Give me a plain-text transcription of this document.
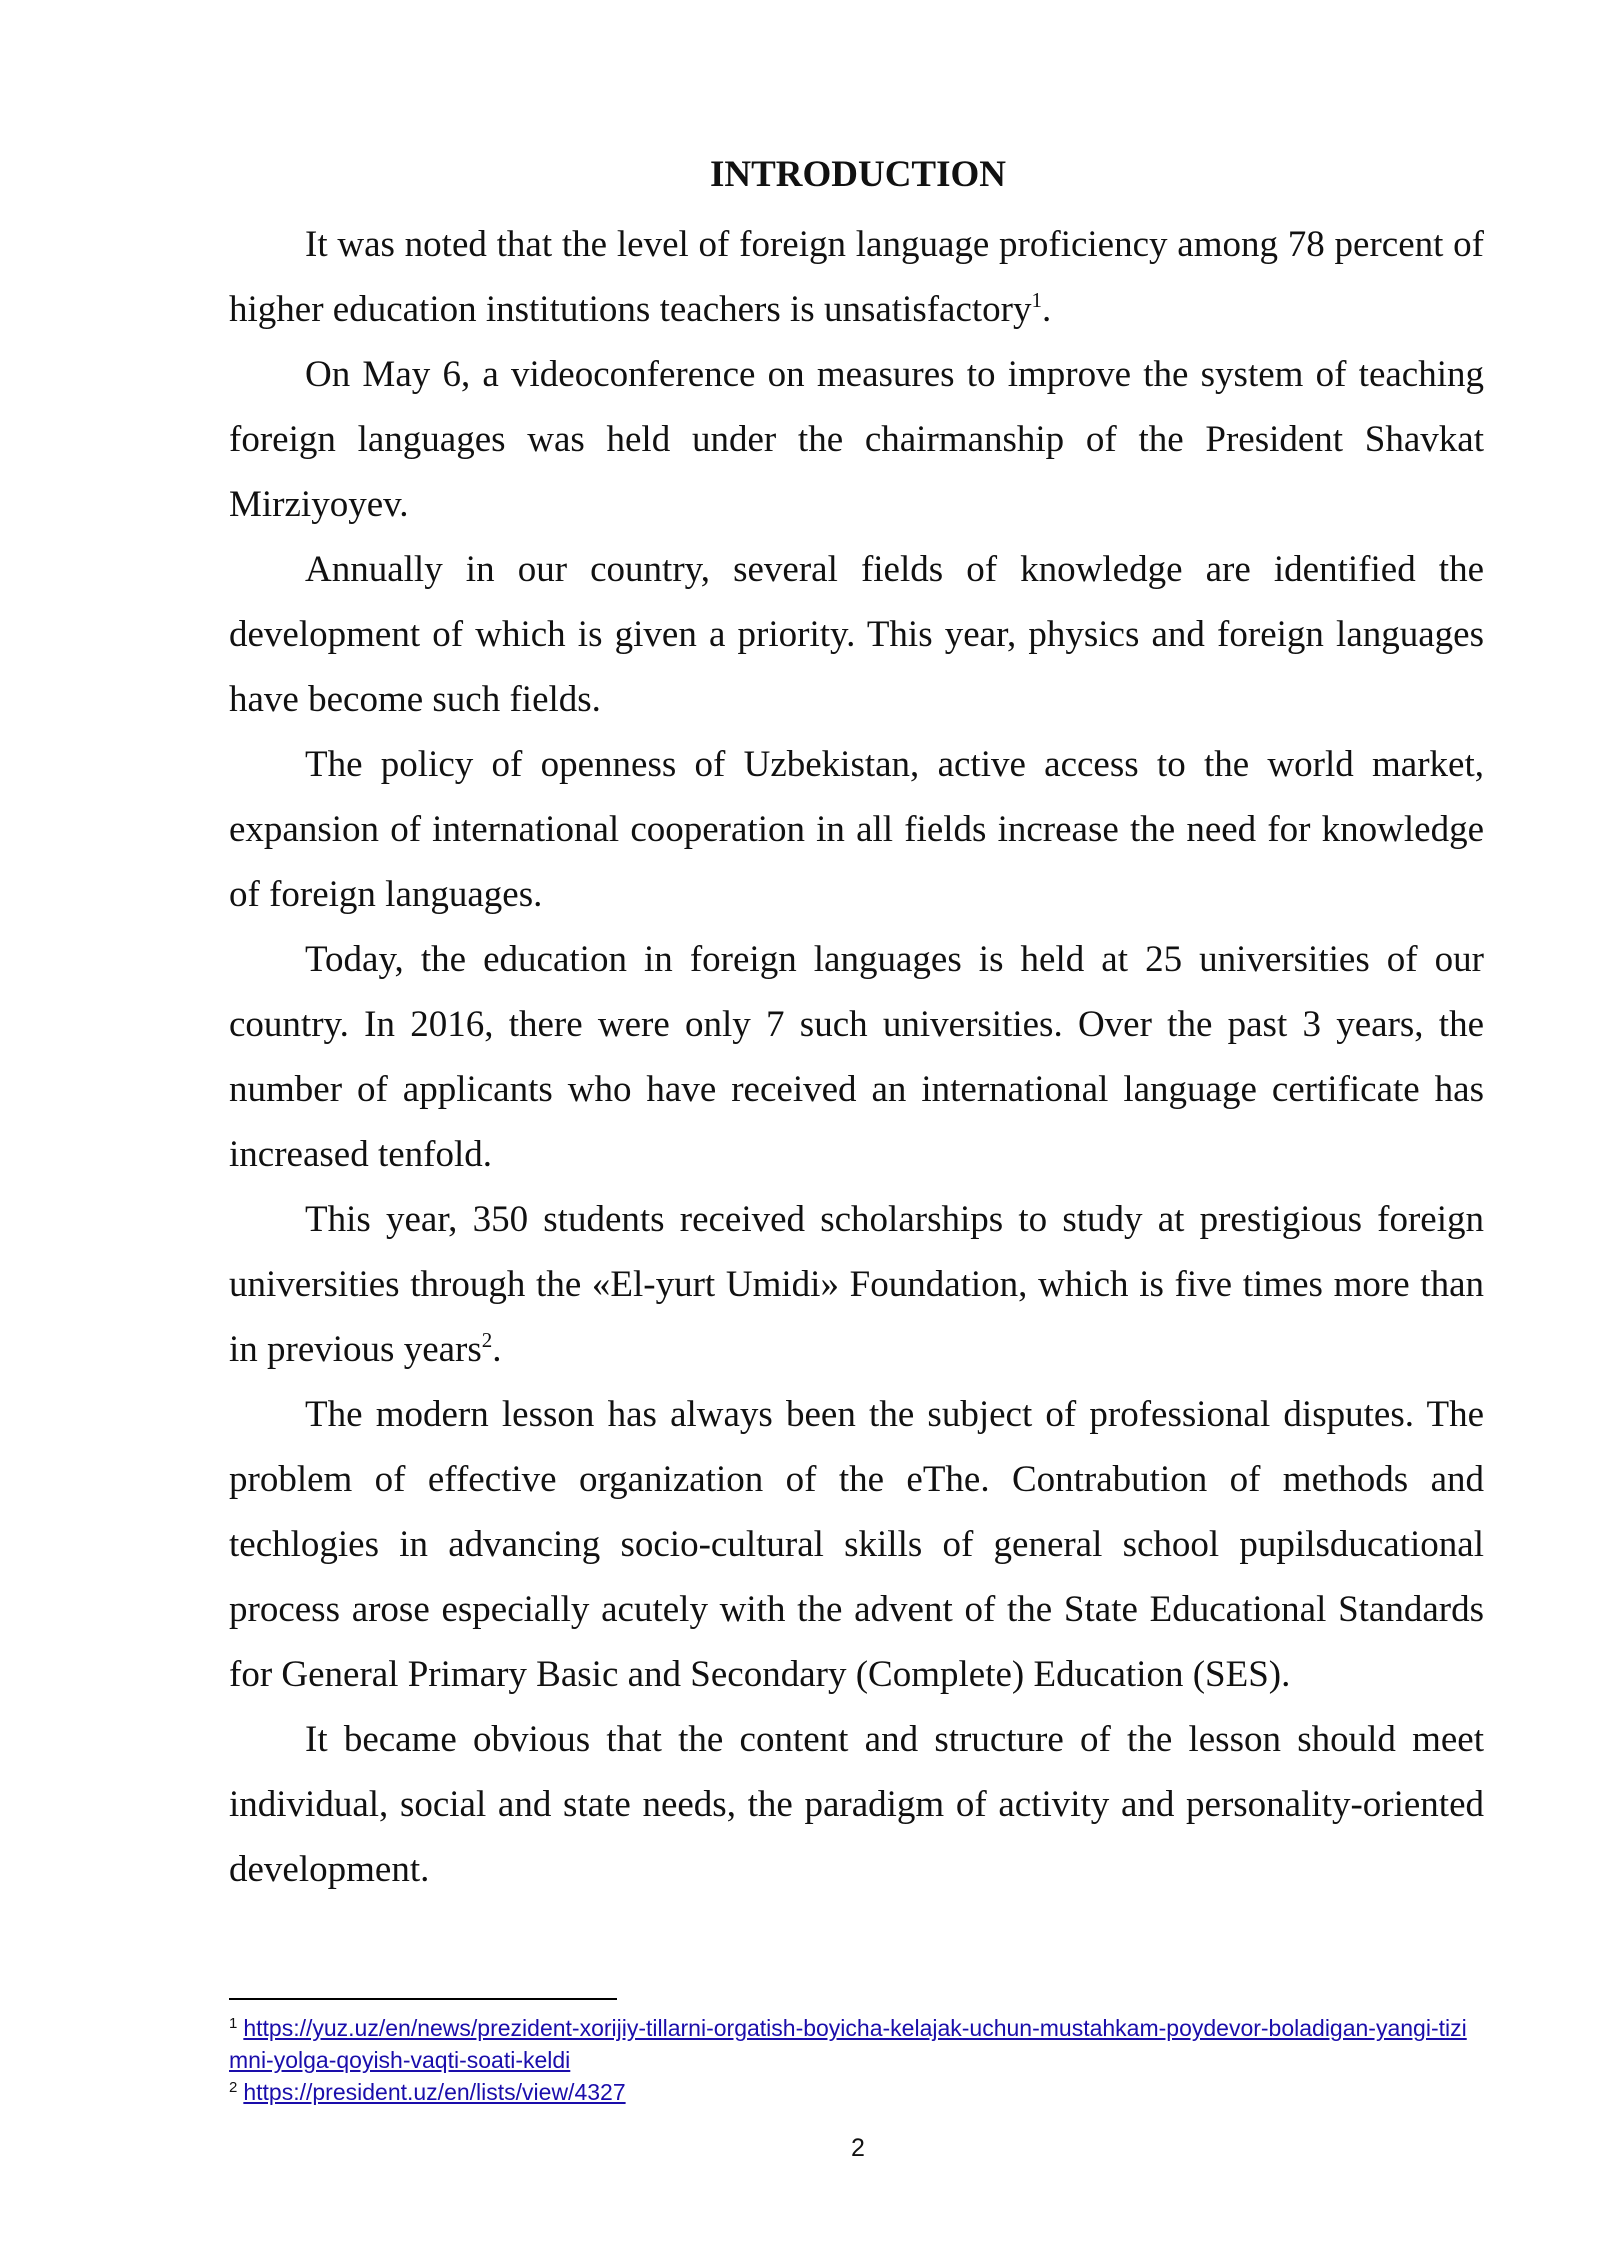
INTRODUCTION

It was noted that the level of foreign language proficiency among 78 percent of higher education institutions teachers is unsatisfactory$^1$.

On May 6, a videoconference on measures to improve the system of teaching foreign languages was held under the chairmanship of the President Shavkat Mirziyoyev.

Annually in our country, several fields of knowledge are identified the development of which is given a priority. This year, physics and foreign languages have become such fields.

The policy of openness of Uzbekistan, active access to the world market, expansion of international cooperation in all fields increase the need for knowledge of foreign languages.

Today, the education in foreign languages is held at 25 universities of our country. In 2016, there were only 7 such universities. Over the past 3 years, the number of applicants who have received an international language certificate has increased tenfold.

This year, 350 students received scholarships to study at prestigious foreign universities through the «El-yurt Umidi» Foundation, which is five times more than in previous years$^2$.

The modern lesson has always been the subject of professional disputes. The problem of effective organization of the eThe. Contrabution of methods and techlogies in advancing socio-cultural skills of general school pupilsducational process arose especially acutely with the advent of the State Educational Standards for General Primary Basic and Secondary (Complete) Education (SES).

It became obvious that the content and structure of the lesson should meet individual, social and state needs, the paradigm of activity and personality-oriented development.

$^1$ https://yuz.uz/en/news/prezident-xorijiy-tillarni-orgatish-boyicha-kelajak-uchun-mustahkam-poydevor-boladigan-yangi-tizimni-yolga-qoyish-vaqti-soati-keldi

$^2$ https://president.uz/en/lists/view/4327

2
